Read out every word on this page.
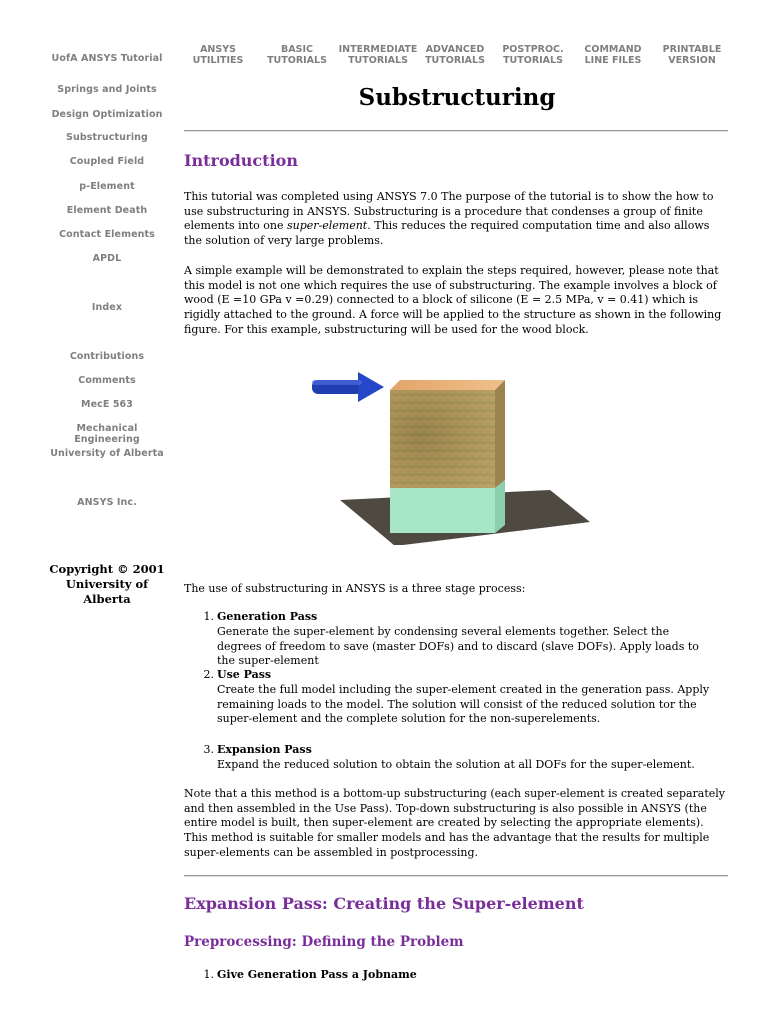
UofA ANSYS Tutorial
Springs and Joints
Design Optimization
Substructuring
Coupled Field
p-Element
Element Death
Contact Elements
APDL
Index
Contributions
Comments
MecE 563
Mechanical Engineering
University of Alberta
ANSYS Inc.
Copyright © 2001
University of Alberta
ANSYS
UTILITIES
BASIC
TUTORIALS
INTERMEDIATE
TUTORIALS
ADVANCED
TUTORIALS
POSTPROC.
TUTORIALS
COMMAND
LINE FILES
PRINTABLE
VERSION
Substructuring
Introduction

This tutorial was completed using ANSYS 7.0 The purpose of the tutorial is to show the how to use substructuring in ANSYS. Substructuring is a procedure that condenses a group of finite elements into one super-element. This reduces the required computation time and also allows the solution of very large problems.

A simple example will be demonstrated to explain the steps required, however, please note that this model is not one which requires the use of substructuring. The example involves a block of wood (E =10 GPa v =0.29) connected to a block of silicone (E = 2.5 MPa, v = 0.41) which is rigidly attached to the ground. A force will be applied to the structure as shown in the following figure. For this example, substructuring will be used for the wood block.

The use of substructuring in ANSYS is a three stage process:

1. Generation Pass
Generate the super-element by condensing several elements together. Select the degrees of freedom to save (master DOFs) and to discard (slave DOFs). Apply loads to the super-element
2. Use Pass
Create the full model including the super-element created in the generation pass. Apply remaining loads to the model. The solution will consist of the reduced solution tor the super-element and the complete solution for the non-superelements.
3. Expansion Pass
Expand the reduced solution to obtain the solution at all DOFs for the super-element.

Note that a this method is a bottom-up substructuring (each super-element is created separately and then assembled in the Use Pass). Top-down substructuring is also possible in ANSYS (the entire model is built, then super-element are created by selecting the appropriate elements). This method is suitable for smaller models and has the advantage that the results for multiple super-elements can be assembled in postprocessing.

Expansion Pass: Creating the Super-element
Preprocessing: Defining the Problem
1. Give Generation Pass a Jobname
